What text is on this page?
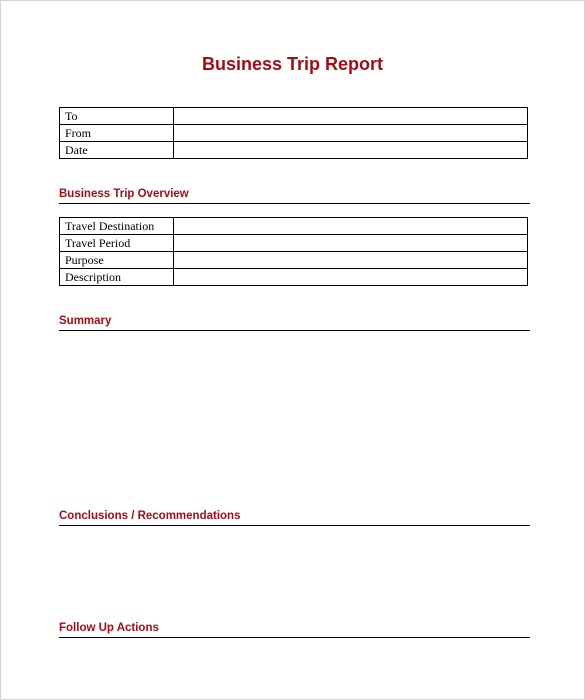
Business Trip Report
To	
From	
Date	
Business Trip Overview
Travel Destination	
Travel Period	
Purpose	
Description	
Summary
Conclusions / Recommendations
Follow Up Actions
